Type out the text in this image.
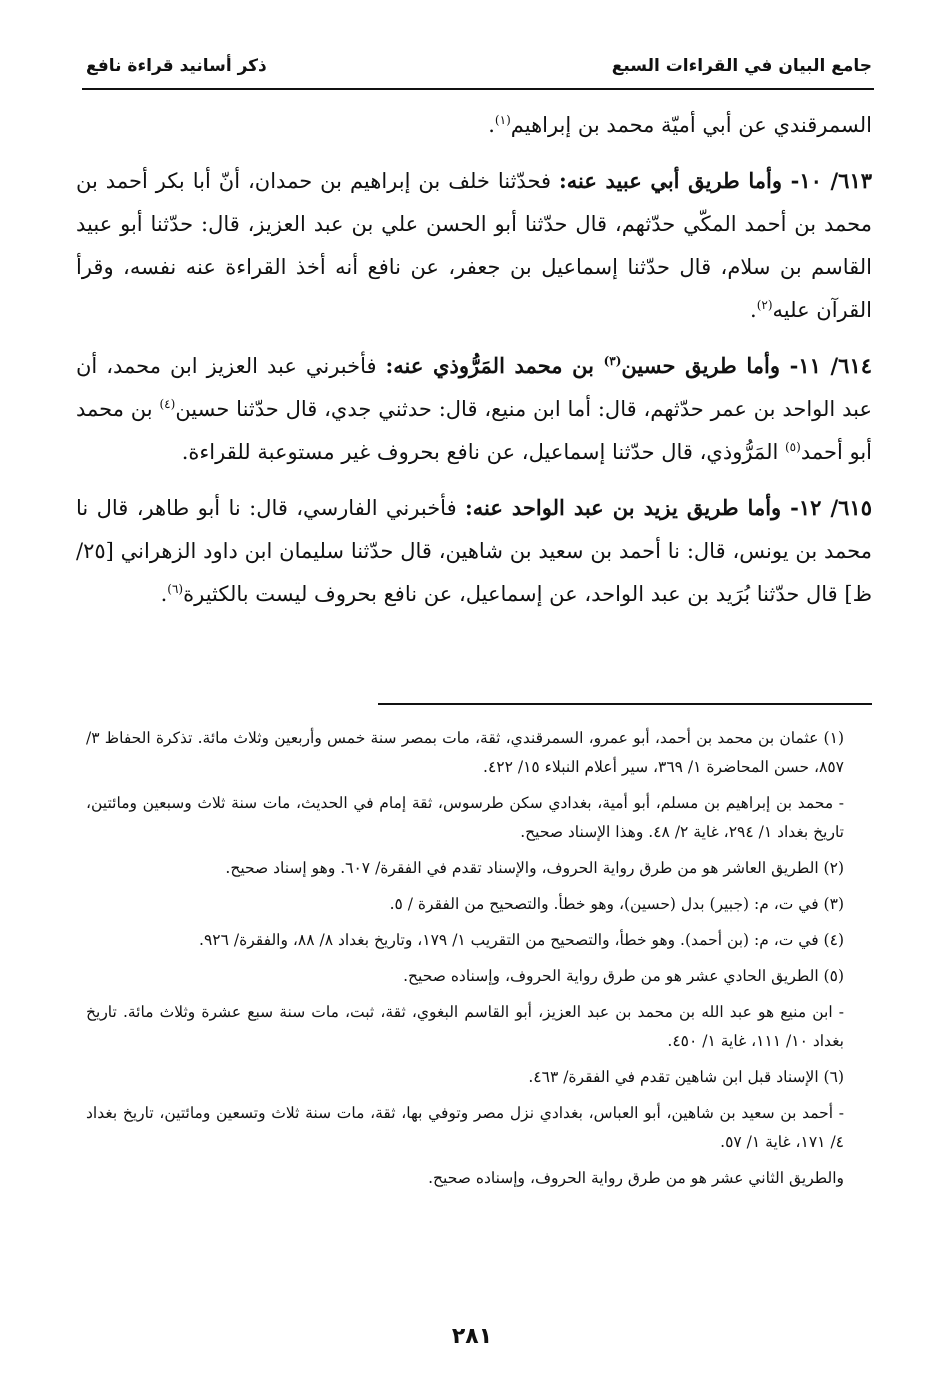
جامع البيان في القراءات السبع
ذكر أسانيد قراءة نافع

السمرقندي عن أبي أميّة محمد بن إبراهيم$^{(١)}$.

٦١٣/ ١٠- وأما طريق أبي عبيد عنه: فحدّثنا خلف بن إبراهيم بن حمدان، أنّ أبا بكر أحمد بن محمد بن أحمد المكّي حدّثهم، قال حدّثنا أبو الحسن علي بن عبد العزيز، قال: حدّثنا أبو عبيد القاسم بن سلام، قال حدّثنا إسماعيل بن جعفر، عن نافع أنه أخذ القراءة عنه نفسه، وقرأ القرآن عليه$^{(٢)}$.

٦١٤/ ١١- وأما طريق حسين$^{(٣)}$ بن محمد المَرُّوذي عنه: فأخبرني عبد العزيز ابن محمد، أن عبد الواحد بن عمر حدّثهم، قال: أما ابن منيع، قال: حدثني جدي، قال حدّثنا حسين$^{(٤)}$ بن محمد أبو أحمد$^{(٥)}$ المَرُّوذي، قال حدّثنا إسماعيل، عن نافع بحروف غير مستوعبة للقراءة.

٦١٥/ ١٢- وأما طريق يزيد بن عبد الواحد عنه: فأخبرني الفارسي، قال: نا أبو طاهر، قال نا محمد بن يونس، قال: نا أحمد بن سعيد بن شاهين، قال حدّثنا سليمان ابن داود الزهراني [٢٥/ ظ] قال حدّثنا بُرَيد بن عبد الواحد، عن إسماعيل، عن نافع بحروف ليست بالكثيرة$^{(٦)}$.

(١) عثمان بن محمد بن أحمد، أبو عمرو، السمرقندي، ثقة، مات بمصر سنة خمس وأربعين وثلاث مائة. تذكرة الحفاظ ٣/ ٨٥٧، حسن المحاضرة ١/ ٣٦٩، سير أعلام النبلاء ١٥/ ٤٢٢.

- محمد بن إبراهيم بن مسلم، أبو أمية، بغدادي سكن طرسوس، ثقة إمام في الحديث، مات سنة ثلاث وسبعين ومائتين، تاريخ بغداد ١/ ٢٩٤، غاية ٢/ ٤٨. وهذا الإسناد صحيح.

(٢) الطريق العاشر هو من طرق رواية الحروف، والإسناد تقدم في الفقرة/ ٦٠٧. وهو إسناد صحيح.

(٣) في ت، م: (جبير) بدل (حسين)، وهو خطأ. والتصحيح من الفقرة / ٥.

(٤) في ت، م: (بن أحمد). وهو خطأ، والتصحيح من التقريب ١/ ١٧٩، وتاريخ بغداد ٨/ ٨٨، والفقرة/ ٩٢٦.

(٥) الطريق الحادي عشر هو من طرق رواية الحروف، وإسناده صحيح.

- ابن منيع هو عبد الله بن محمد بن عبد العزيز، أبو القاسم البغوي، ثقة، ثبت، مات سنة سبع عشرة وثلاث مائة. تاريخ بغداد ١٠/ ١١١، غاية ١/ ٤٥٠.

(٦) الإسناد قبل ابن شاهين تقدم في الفقرة/ ٤٦٣.

- أحمد بن سعيد بن شاهين، أبو العباس، بغدادي نزل مصر وتوفي بها، ثقة، مات سنة ثلاث وتسعين ومائتين، تاريخ بغداد ٤/ ١٧١، غاية ١/ ٥٧.

والطريق الثاني عشر هو من طرق رواية الحروف، وإسناده صحيح.

٢٨١
